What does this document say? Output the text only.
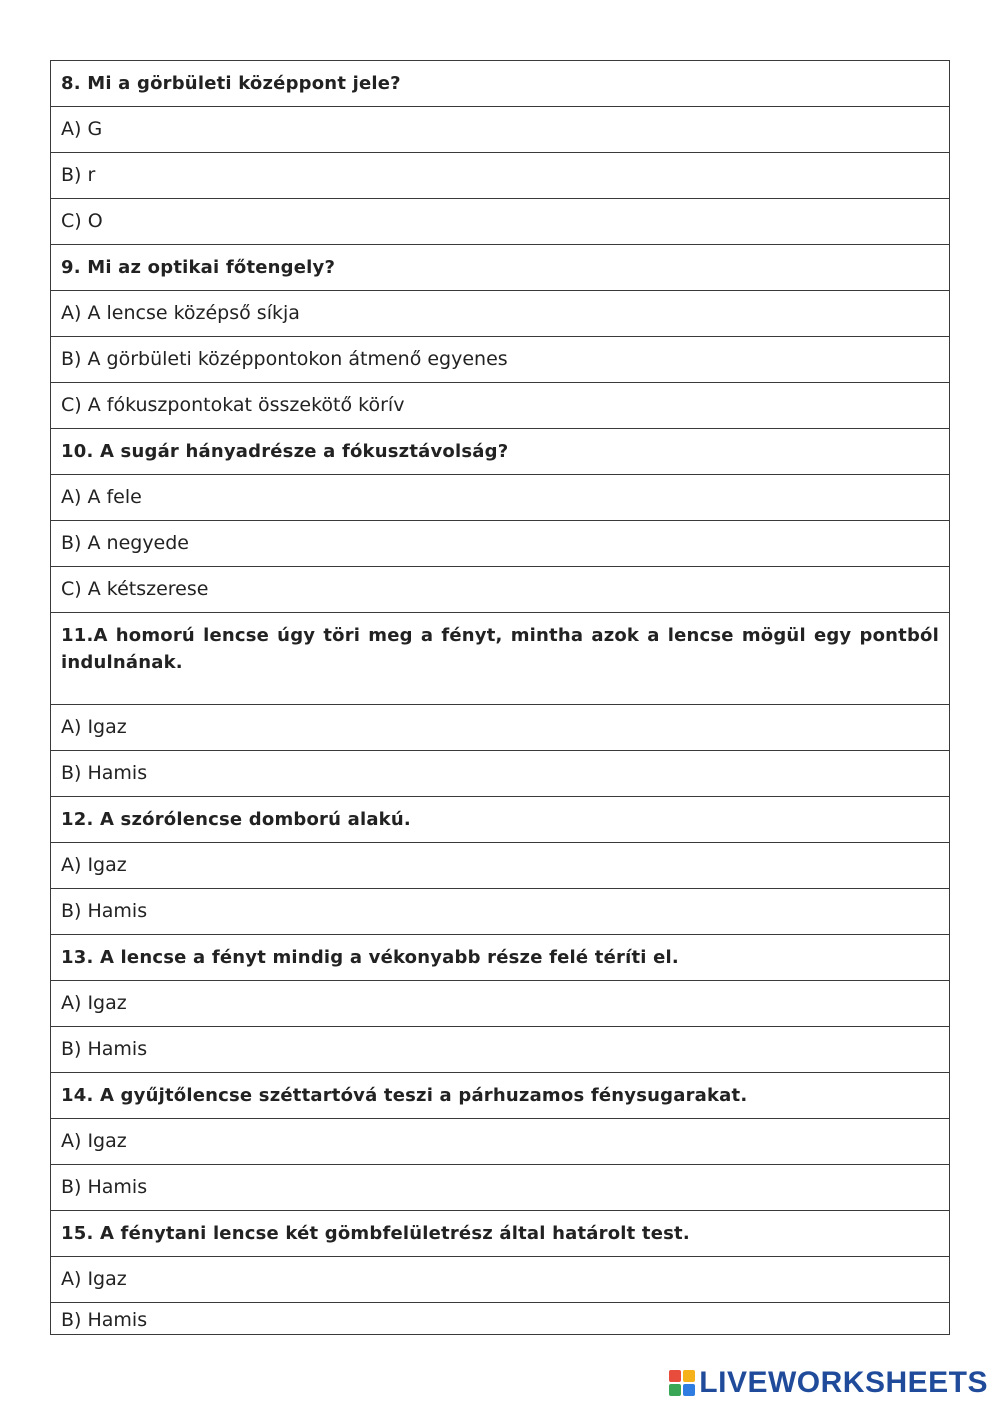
8. Mi a görbületi középpont jele?
A) G
B) r
C) O
9. Mi az optikai főtengely?
A) A lencse középső síkja
B) A görbületi középpontokon átmenő egyenes
C) A fókuszpontokat összekötő körív
10. A sugár hányadrésze a fókusztávolság?
A) A fele
B) A negyede
C) A kétszerese
11.A homorú lencse úgy töri meg a fényt, mintha azok a lencse mögül egy pontból indulnának.
A) Igaz
B) Hamis
12. A szórólencse domború alakú.
A) Igaz
B) Hamis
13. A lencse a fényt mindig a vékonyabb része felé téríti el.
A) Igaz
B) Hamis
14. A gyűjtőlencse széttartóvá teszi a párhuzamos fénysugarakat.
A) Igaz
B) Hamis
15. A fénytani lencse két gömbfelületrész által határolt test.
A) Igaz
B) Hamis
LIVEWORKSHEETS
